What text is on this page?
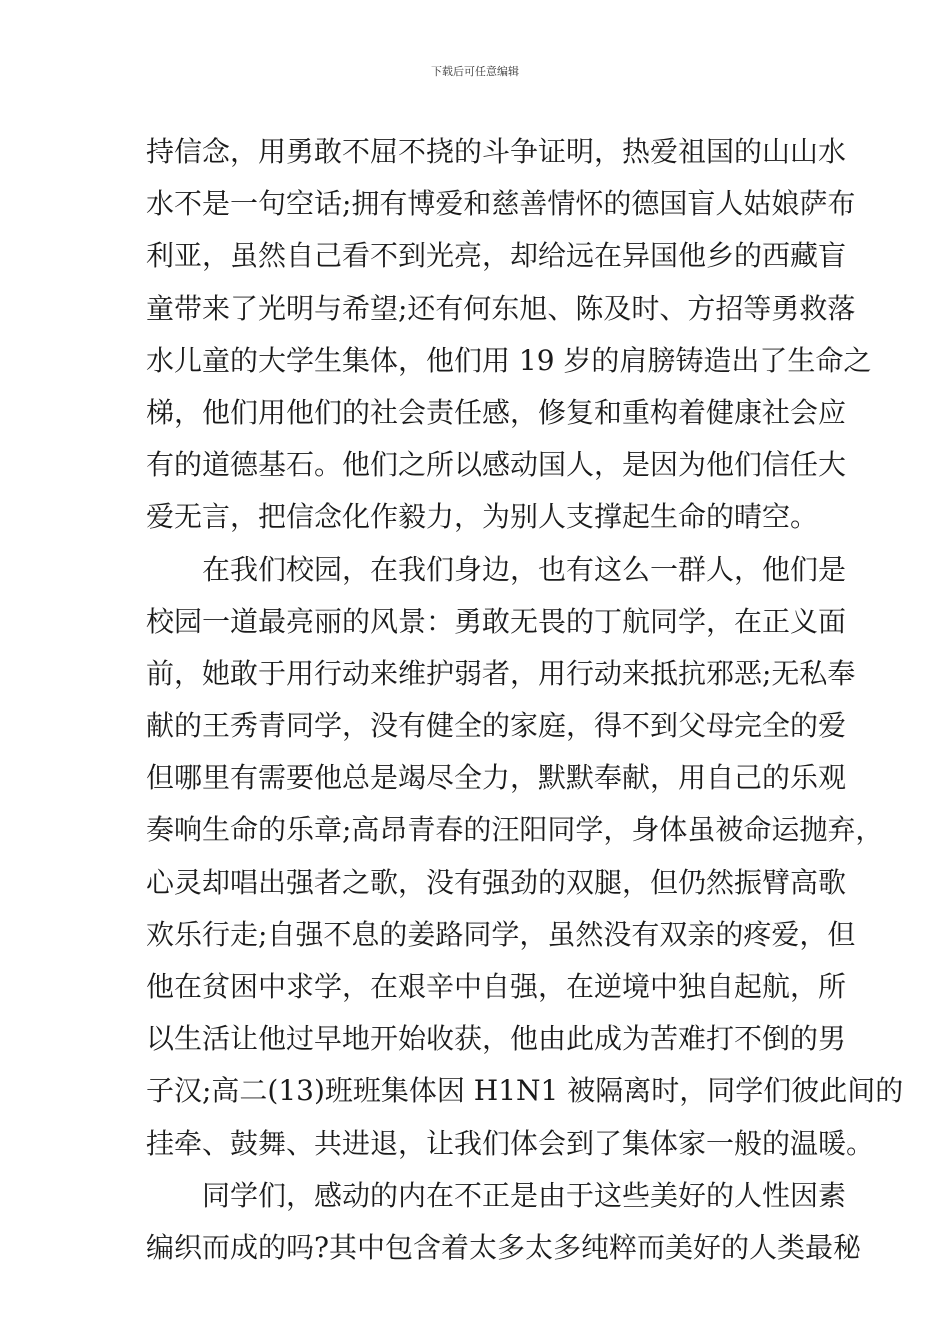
下载后可任意编辑
持信念，用勇敢不屈不挠的斗争证明，热爱祖国的山山水
水不是一句空话;拥有博爱和慈善情怀的德国盲人姑娘萨布
利亚，虽然自己看不到光亮，却给远在异国他乡的西藏盲
童带来了光明与希望;还有何东旭、陈及时、方招等勇救落
水儿童的大学生集体，他们用 19 岁的肩膀铸造出了生命之
梯，他们用他们的社会责任感，修复和重构着健康社会应
有的道德基石。他们之所以感动国人，是因为他们信任大
爱无言，把信念化作毅力，为别人支撑起生命的晴空。
在我们校园，在我们身边，也有这么一群人，他们是
校园一道最亮丽的风景：勇敢无畏的丁航同学，在正义面
前，她敢于用行动来维护弱者，用行动来抵抗邪恶;无私奉
献的王秀青同学，没有健全的家庭，得不到父母完全的爱
但哪里有需要他总是竭尽全力，默默奉献，用自己的乐观
奏响生命的乐章;高昂青春的汪阳同学，身体虽被命运抛弃，
心灵却唱出强者之歌，没有强劲的双腿，但仍然振臂高歌
欢乐行走;自强不息的姜路同学，虽然没有双亲的疼爱，但
他在贫困中求学，在艰辛中自强，在逆境中独自起航，所
以生活让他过早地开始收获，他由此成为苦难打不倒的男
子汉;高二(13)班班集体因 H1N1 被隔离时，同学们彼此间的
挂牵、鼓舞、共进退，让我们体会到了集体家一般的温暖。
同学们，感动的内在不正是由于这些美好的人性因素
编织而成的吗?其中包含着太多太多纯粹而美好的人类最秘
